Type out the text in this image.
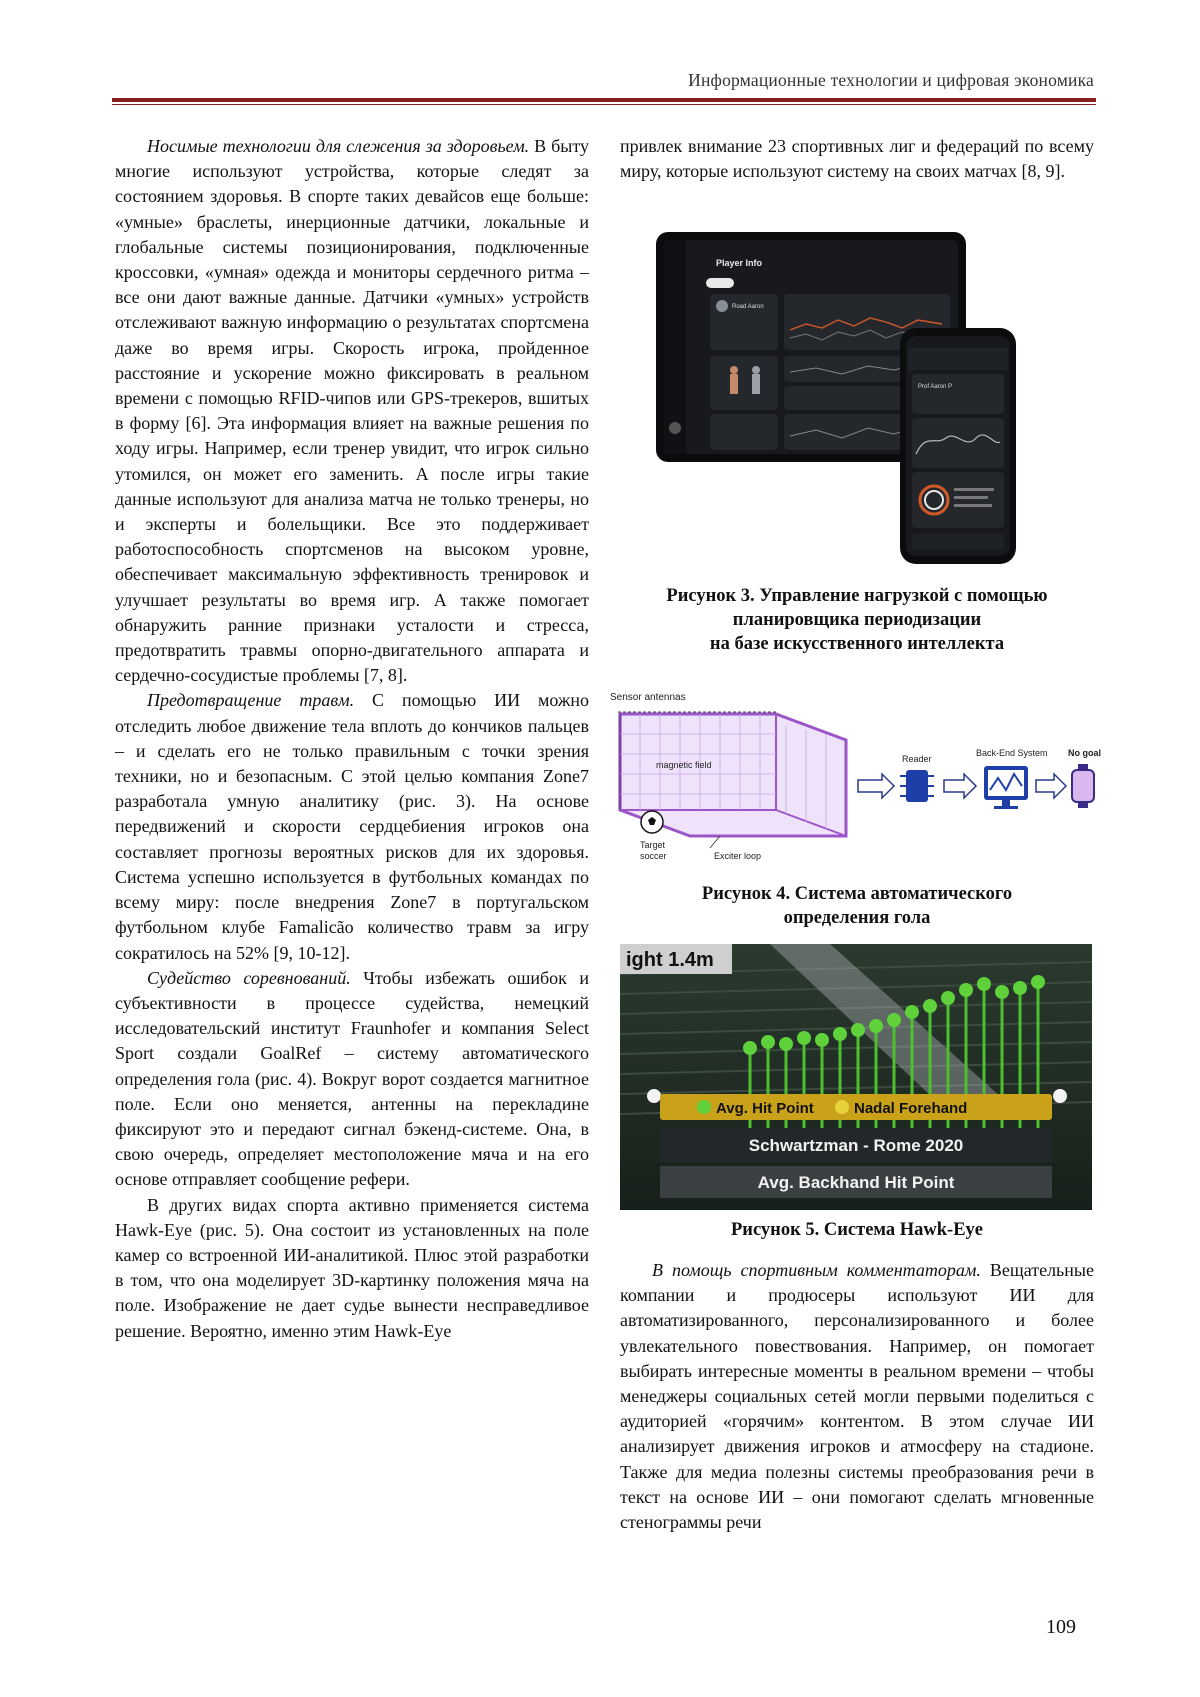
Информационные технологии и цифровая экономика

Носимые технологии для слежения за здоровьем. В быту многие используют устройства, которые следят за состоянием здоровья. В спорте таких девайсов еще больше: «умные» браслеты, инерционные датчики, локальные и глобальные системы позиционирования, подключенные кроссовки, «умная» одежда и мониторы сердечного ритма – все они дают важные данные. Датчики «умных» устройств отслеживают важную информацию о результатах спортсмена даже во время игры. Скорость игрока, пройденное расстояние и ускорение можно фиксировать в реальном времени с помощью RFID-чипов или GPS-трекеров, вшитых в форму [6]. Эта информация влияет на важные решения по ходу игры. Например, если тренер увидит, что игрок сильно утомился, он может его заменить. А после игры такие данные используют для анализа матча не только тренеры, но и эксперты и болельщики. Все это поддерживает работоспособность спортсменов на высоком уровне, обеспечивает максимальную эффективность тренировок и улучшает результаты во время игр. А также помогает обнаружить ранние признаки усталости и стресса, предотвратить травмы опорно-двигательного аппарата и сердечно-сосудистые проблемы [7, 8].

Предотвращение травм. С помощью ИИ можно отследить любое движение тела вплоть до кончиков пальцев – и сделать его не только правильным с точки зрения техники, но и безопасным. С этой целью компания Zone7 разработала умную аналитику (рис. 3). На основе передвижений и скорости сердцебиения игроков она составляет прогнозы вероятных рисков для их здоровья. Система успешно используется в футбольных командах по всему миру: после внедрения Zone7 в португальском футбольном клубе Famalicão количество травм за игру сократилось на 52% [9, 10-12].

Судейство соревнований. Чтобы избежать ошибок и субъективности в процессе судейства, немецкий исследовательский институт Fraunhofer и компания Select Sport создали GoalRef – систему автоматического определения гола (рис. 4). Вокруг ворот создается магнитное поле. Если оно меняется, антенны на перекладине фиксируют это и передают сигнал бэкенд-системе. Она, в свою очередь, определяет местоположение мяча и на его основе отправляет сообщение рефери.

В других видах спорта активно применяется система Hawk-Eye (рис. 5). Она состоит из установленных на поле камер со встроенной ИИ-аналитикой. Плюс этой разработки в том, что она моделирует 3D-картинку положения мяча на поле. Изображение не дает судье вынести несправедливое решение. Вероятно, именно этим Hawk-Eye

привлек внимание 23 спортивных лиг и федераций по всему миру, которые используют систему на своих матчах [8, 9].

В помощь спортивным комментаторам. Вещательные компании и продюсеры используют ИИ для автоматизированного, персонализированного и более увлекательного повествования. Например, он помогает выбирать интересные моменты в реальном времени – чтобы менеджеры социальных сетей могли первыми поделиться с аудиторией «горячим» контентом. В этом случае ИИ анализирует движения игроков и атмосферу на стадионе. Также для медиа полезны системы преобразования речи в текст на основе ИИ – они помогают сделать мгновенные стенограммы речи

Player Info
Road Aaron
Prof Aaron P
Рисунок 3. Управление нагрузкой с помощью
планировщика периодизации
на базе искусственного интеллекта
Sensor antennas
magnetic field
Target
soccer	Exciter loop
Reader
Back-End System No goal
Рисунок 4. Система автоматического
определения гола
ight 1.4m
Avg. Hit Point	Nadal Forehand
Schwartzman - Rome 2020
Avg. Backhand Hit Point
Рисунок 5. Система Hawk-Eye
109
